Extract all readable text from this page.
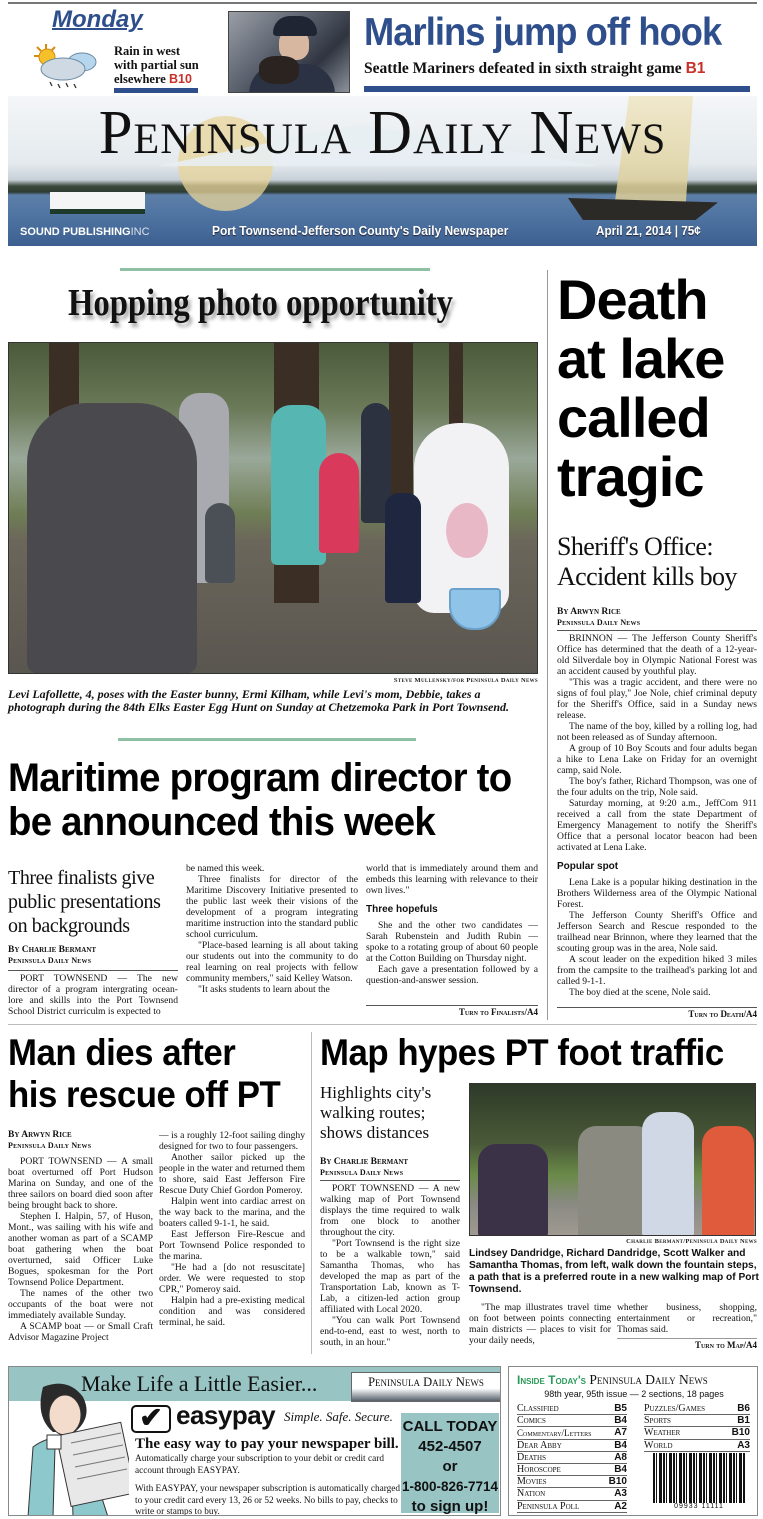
Monday
Rain in west
with partial sun
elsewhere B10
Marlins jump off hook
Seattle Mariners defeated in sixth straight game B1
Peninsula Daily News
SOUND PUBLISHINGINC	Port Townsend-Jefferson County's Daily Newspaper	April 21, 2014 | 75¢
Hopping photo opportunity
Steve Mullensky/for Peninsula Daily News
Levi Lafollette, 4, poses with the Easter bunny, Ermi Kilham, while Levi's mom, Debbie, takes a photograph during the 84th Elks Easter Egg Hunt on Sunday at Chetzemoka Park in Port Townsend.
Death at lake called tragic
Sheriff's Office: Accident kills boy
By Arwyn Rice
Peninsula Daily News

BRINNON — The Jefferson County Sheriff's Office has determined that the death of a 12-year-old Silverdale boy in Olympic National Forest was an accident caused by youthful play.

"This was a tragic accident, and there were no signs of foul play," Joe Nole, chief criminal deputy for the Sheriff's Office, said in a Sunday news release.

The name of the boy, killed by a rolling log, had not been released as of Sunday afternoon.

A group of 10 Boy Scouts and four adults began a hike to Lena Lake on Friday for an overnight camp, said Nole.

The boy's father, Richard Thompson, was one of the four adults on the trip, Nole said.

Saturday morning, at 9:20 a.m., JeffCom 911 received a call from the state Department of Emergency Management to notify the Sheriff's Office that a personal locator beacon had been activated at Lena Lake.

Popular spot

Lena Lake is a popular hiking destination in the Brothers Wilderness area of the Olympic National Forest.

The Jefferson County Sheriff's Office and Jefferson Search and Rescue responded to the trailhead near Brinnon, where they learned that the scouting group was in the area, Nole said.

A scout leader on the expedition hiked 3 miles from the campsite to the trailhead's parking lot and called 9-1-1.

The boy died at the scene, Nole said.

Turn to Death/A4
Maritime program director to be announced this week
Three finalists give public presentations on backgrounds
By Charlie Bermant
Peninsula Daily News

PORT TOWNSEND — The new director of a program intergrating ocean-lore and skills into the Port Townsend School District curriculm is expected to

be named this week.

Three finalists for director of the Maritime Discovery Initiative presented to the public last week their visions of the development of a program integrating maritime instruction into the standard public school curriculum.

"Place-based learning is all about taking our students out into the community to do real learning on real projects with fellow community members," said Kelley Watson.

"It asks students to learn about the

world that is immediately around them and embeds this learning with relevance to their own lives."
Three hopefuls

She and the other two candidates — Sarah Rubenstein and Judith Rubin — spoke to a rotating group of about 60 people at the Cotton Building on Thursday night.

Each gave a presentation followed by a question-and-answer session.

Turn to Finalists/A4
Man dies after his rescue off PT
By Arwyn Rice
Peninsula Daily News

PORT TOWNSEND — A small boat overturned off Port Hudson Marina on Sunday, and one of the three sailors on board died soon after being brought back to shore.

Stephen I. Halpin, 57, of Huson, Mont., was sailing with his wife and another woman as part of a SCAMP boat gathering when the boat overturned, said Officer Luke Bogues, spokesman for the Port Townsend Police Department.

The names of the other two occupants of the boat were not immediately available Sunday.

A SCAMP boat — or Small Craft Advisor Magazine Project

— is a roughly 12-foot sailing dinghy designed for two to four passengers.

Another sailor picked up the people in the water and returned them to shore, said East Jefferson Fire Rescue Duty Chief Gordon Pomeroy.

Halpin went into cardiac arrest on the way back to the marina, and the boaters called 9-1-1, he said.

East Jefferson Fire-Rescue and Port Townsend Police responded to the marina.

"He had a [do not resuscitate] order. We were requested to stop CPR," Pomeroy said.

Halpin had a pre-existing medical condition and was considered terminal, he said.

Map hypes PT foot traffic
Highlights city's walking routes; shows distances
By Charlie Bermant
Peninsula Daily News

PORT TOWNSEND — A new walking map of Port Townsend displays the time required to walk from one block to another throughout the city.

"Port Townsend is the right size to be a walkable town," said Samantha Thomas, who has developed the map as part of the Transportation Lab, known as T-Lab, a citizen-led action group affiliated with Local 2020.

"You can walk Port Townsend end-to-end, east to west, north to south, in an hour."

Charlie Bermant/Peninsula Daily News
Lindsey Dandridge, Richard Dandridge, Scott Walker and Samantha Thomas, from left, walk down the fountain steps, a path that is a preferred route in a new walking map of Port Townsend.

"The map illustrates travel time on foot between points connecting main districts — places to visit for your daily needs,

whether business, shopping, entertainment or recreation," Thomas said.
Turn to Map/A4
Make Life a Little Easier...	Peninsula Daily News
✔ easypay Simple. Safe. Secure.
The easy way to pay your newspaper bill.
Automatically charge your subscription to your debit or credit card account through EASYPAY.
With EASYPAY, your newspaper subscription is automatically charged to your credit card every 13, 26 or 52 weeks. No bills to pay, checks to write or stamps to buy.
CALL TODAY
452-4507
or
1-800-826-7714
to sign up!
Inside Today's Peninsula Daily News
98th year, 95th issue — 2 sections, 18 pages
Classified	B5
Comics	B4
Commentary/Letters A7
Dear Abby	B4
Deaths	A8
Horoscope	B4
Movies	B10
Nation	A3
Peninsula Poll	A2
Puzzles/Games	B6
Sports	B1
Weather	B10
World	A3
09933 11111
